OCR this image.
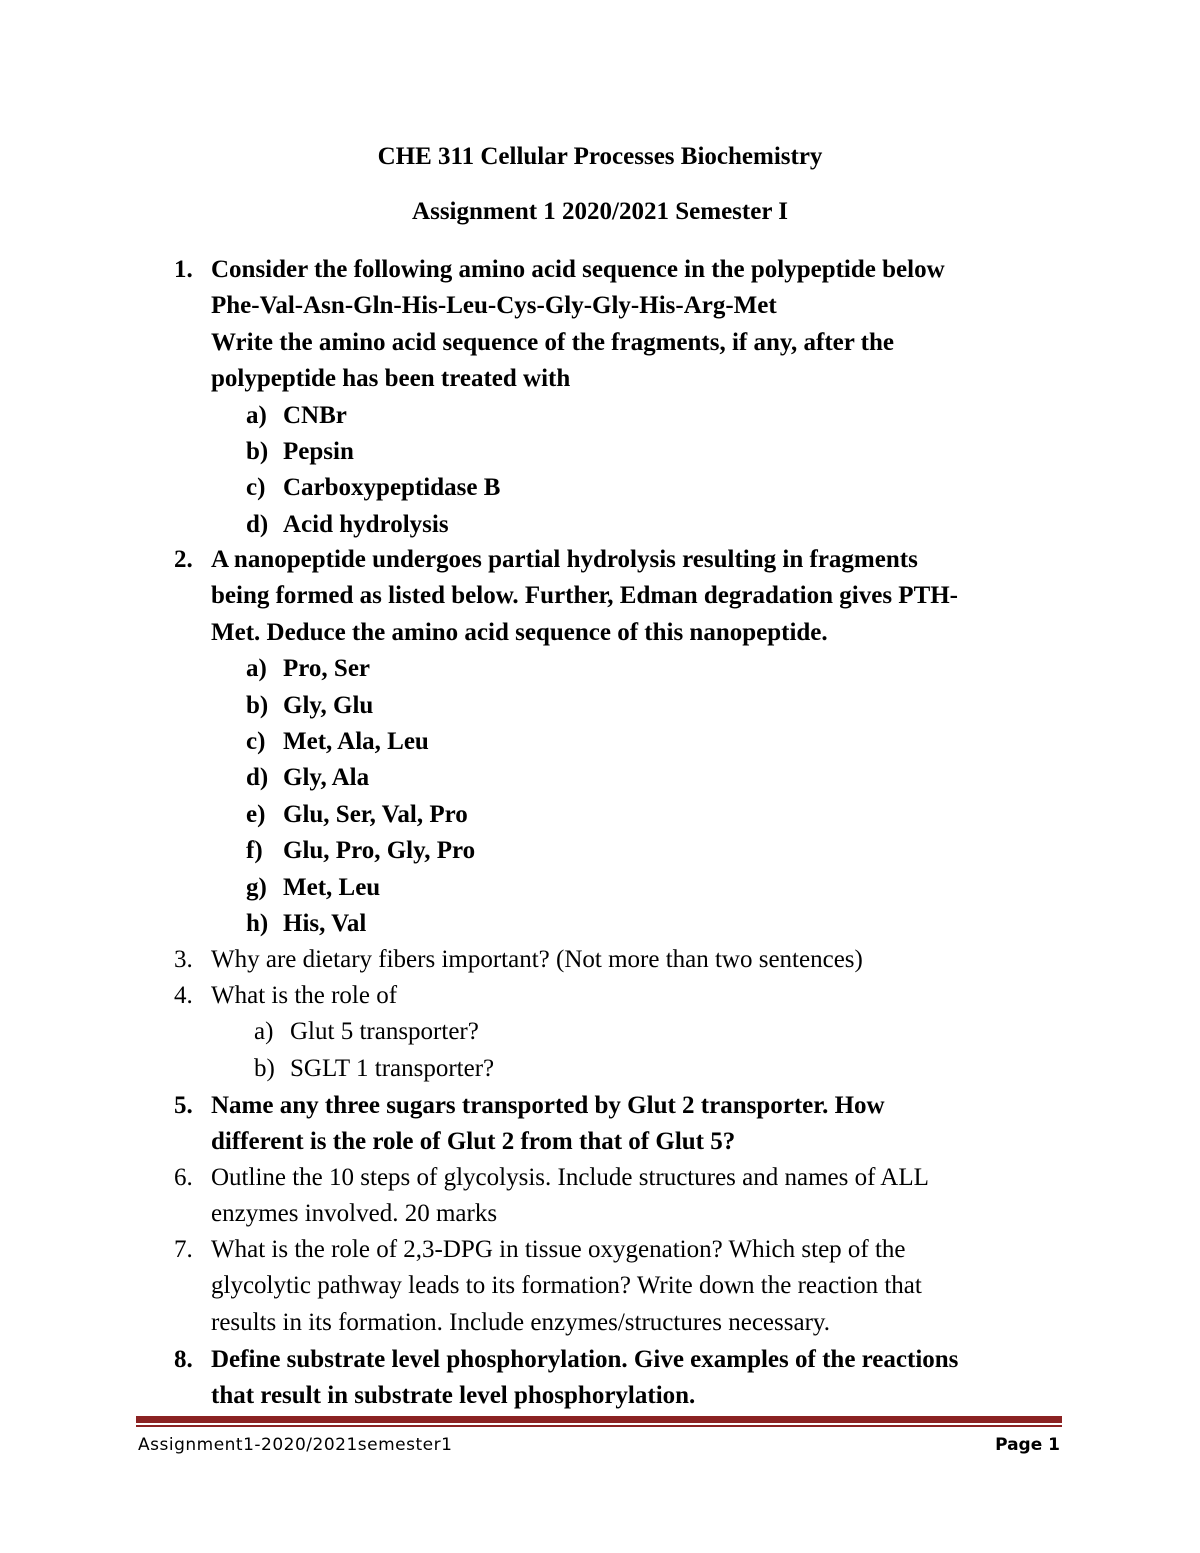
CHE 311 Cellular Processes Biochemistry
Assignment 1 2020/2021 Semester I
1. Consider the following amino acid sequence in the polypeptide below
Phe-Val-Asn-Gln-His-Leu-Cys-Gly-Gly-His-Arg-Met
Write the amino acid sequence of the fragments, if any, after the
polypeptide has been treated with
a) CNBr
b) Pepsin
c) Carboxypeptidase B
d) Acid hydrolysis
2. A nanopeptide undergoes partial hydrolysis resulting in fragments
being formed as listed below. Further, Edman degradation gives PTH-
Met. Deduce the amino acid sequence of this nanopeptide.
a) Pro, Ser
b) Gly, Glu
c) Met, Ala, Leu
d) Gly, Ala
e) Glu, Ser, Val, Pro
f) Glu, Pro, Gly, Pro
g) Met, Leu
h) His, Val
3. Why are dietary fibers important? (Not more than two sentences)
4. What is the role of
a) Glut 5 transporter?
b) SGLT 1 transporter?
5. Name any three sugars transported by Glut 2 transporter. How
different is the role of Glut 2 from that of Glut 5?
6. Outline the 10 steps of glycolysis. Include structures and names of ALL
enzymes involved. 20 marks
7. What is the role of 2,3-DPG in tissue oxygenation? Which step of the
glycolytic pathway leads to its formation? Write down the reaction that
results in its formation. Include enzymes/structures necessary.
8. Define substrate level phosphorylation. Give examples of the reactions
that result in substrate level phosphorylation.
Assignment1-2020/2021semester1	Page 1
